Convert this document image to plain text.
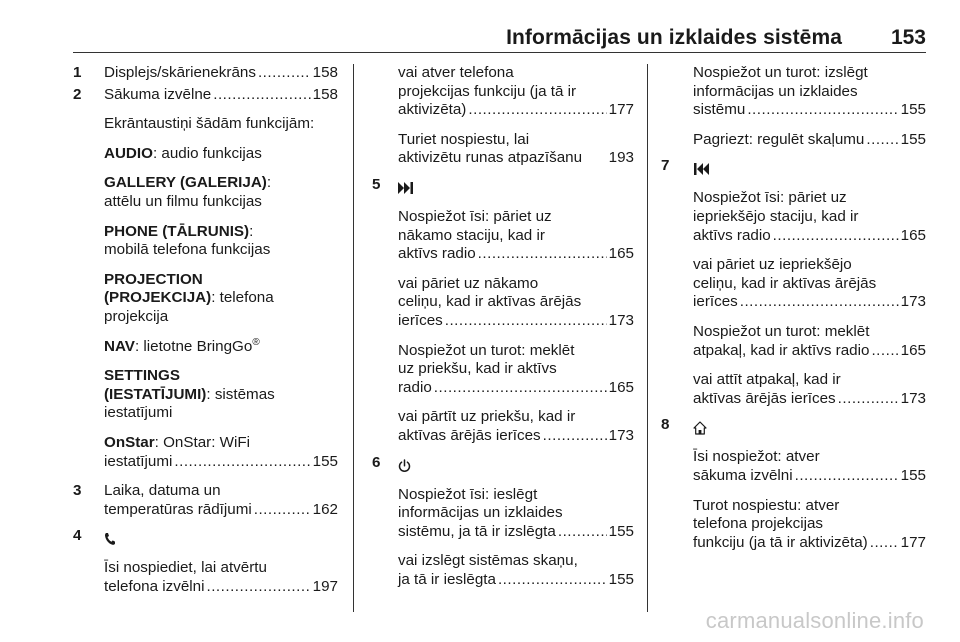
Informācijas un izklaides sistēma 153
1 Displejs/skārienekrāns .....	158
2 Sākuma izvēlne .....	158
Ekrāntaustiņi šādām funkcijām:
AUDIO: audio funkcijas
GALLERY (GALERIJA):
attēlu un filmu funkcijas
PHONE (TĀLRUNIS):
mobilā telefona funkcijas
PROJECTION
(PROJEKCIJA): telefona
projekcija
NAV: lietotne BringGo®
SETTINGS
(IESTATĪJUMI): sistēmas
iestatījumi
OnStar: OnStar: WiFi
iestatījumi .....	155
3 Laika, datuma un
temperatūras rādījumi .....	162
4
Īsi nospiediet, lai atvērtu
telefona izvēlni .....	197
vai atver telefona
projekcijas funkciju (ja tā ir
aktivizēta) .....	177
Turiet nospiestu, lai
aktivizētu runas atpazīšanu 193
5
Nospiežot īsi: pāriet uz
nākamo staciju, kad ir
aktīvs radio .....	165
vai pāriet uz nākamo
celiņu, kad ir aktīvas ārējās
ierīces .....	173
Nospiežot un turot: meklēt
uz priekšu, kad ir aktīvs
radio .....	165
vai pārtīt uz priekšu, kad ir
aktīvas ārējās ierīces .....	173
6
Nospiežot īsi: ieslēgt
informācijas un izklaides
sistēmu, ja tā ir izslēgta .....	155
vai izslēgt sistēmas skaņu,
ja tā ir ieslēgta .....	155
Nospiežot un turot: izslēgt
informācijas un izklaides
sistēmu .....	155
Pagriezt: regulēt skaļumu ..... 155
7
Nospiežot īsi: pāriet uz
iepriekšējo staciju, kad ir
aktīvs radio .....	165
vai pāriet uz iepriekšējo
celiņu, kad ir aktīvas ārējās
ierīces .....	173
Nospiežot un turot: meklēt
atpakaļ, kad ir aktīvs radio ..... 165
vai attīt atpakaļ, kad ir
aktīvas ārējās ierīces .....	173
8
Īsi nospiežot: atver
sākuma izvēlni .....	155
Turot nospiestu: atver
telefona projekcijas
funkciju (ja tā ir aktivizēta) ..... 177
carmanualsonline.info
